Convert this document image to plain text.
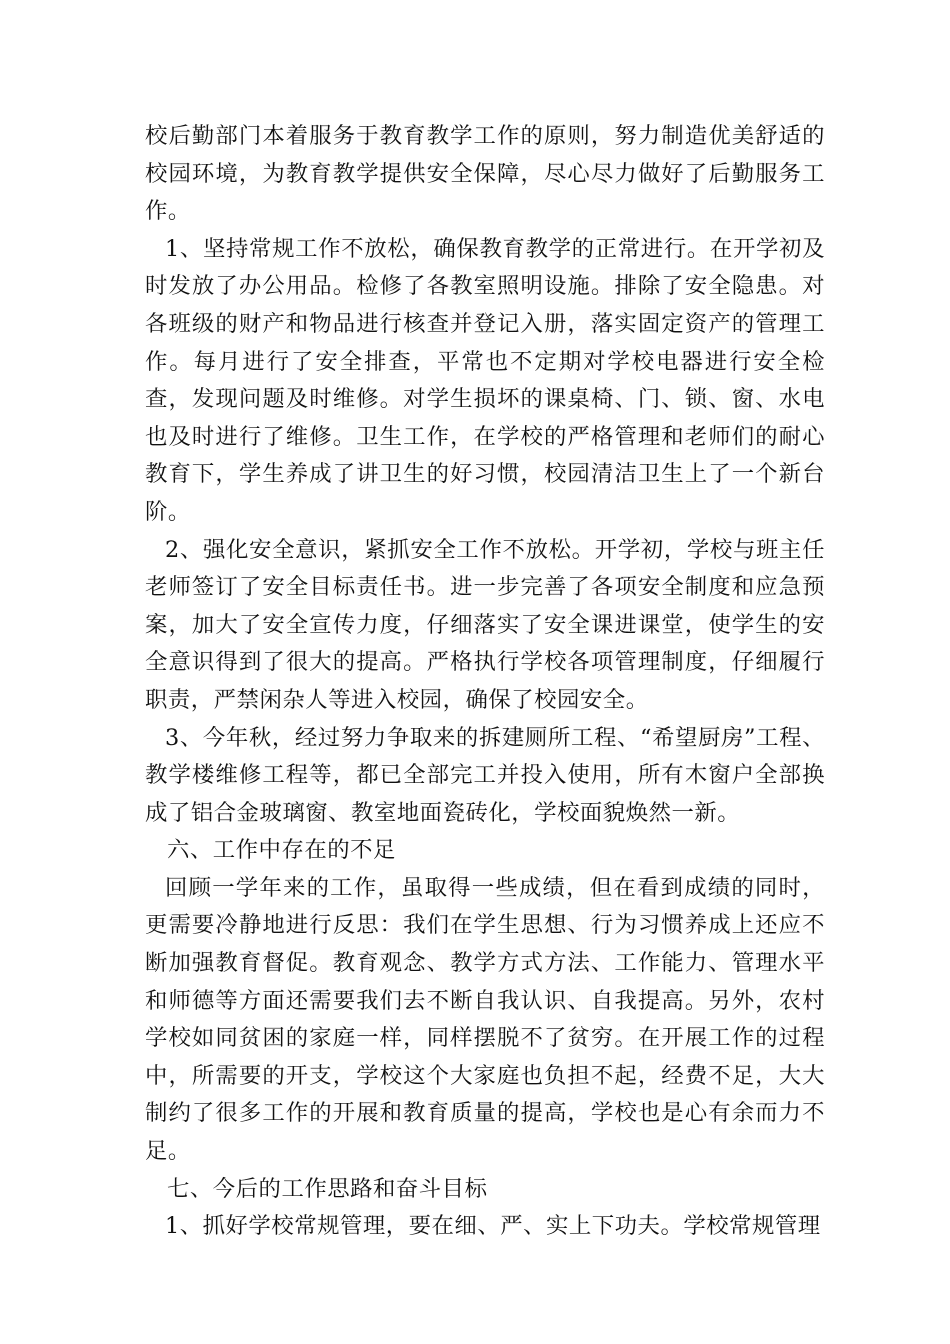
校后勤部门本着服务于教育教学工作的原则，努力制造优美舒适的校园环境，为教育教学提供安全保障，尽心尽力做好了后勤服务工作。

1、坚持常规工作不放松，确保教育教学的正常进行。在开学初及时发放了办公用品。检修了各教室照明设施。排除了安全隐患。对各班级的财产和物品进行核查并登记入册，落实固定资产的管理工作。每月进行了安全排查，平常也不定期对学校电器进行安全检查，发现问题及时维修。对学生损坏的课桌椅、门、锁、窗、水电也及时进行了维修。卫生工作，在学校的严格管理和老师们的耐心教育下，学生养成了讲卫生的好习惯，校园清洁卫生上了一个新台阶。

2、强化安全意识，紧抓安全工作不放松。开学初，学校与班主任老师签订了安全目标责任书。进一步完善了各项安全制度和应急预案，加大了安全宣传力度，仔细落实了安全课进课堂，使学生的安全意识得到了很大的提高。严格执行学校各项管理制度，仔细履行职责，严禁闲杂人等进入校园，确保了校园安全。

3、今年秋，经过努力争取来的拆建厕所工程、“希望厨房”工程、教学楼维修工程等，都已全部完工并投入使用，所有木窗户全部换成了铝合金玻璃窗、教室地面瓷砖化，学校面貌焕然一新。

六、工作中存在的不足

回顾一学年来的工作，虽取得一些成绩，但在看到成绩的同时，更需要冷静地进行反思：我们在学生思想、行为习惯养成上还应不断加强教育督促。教育观念、教学方式方法、工作能力、管理水平和师德等方面还需要我们去不断自我认识、自我提高。另外，农村学校如同贫困的家庭一样，同样摆脱不了贫穷。在开展工作的过程中，所需要的开支，学校这个大家庭也负担不起，经费不足，大大制约了很多工作的开展和教育质量的提高，学校也是心有余而力不足。

七、今后的工作思路和奋斗目标

1、抓好学校常规管理，要在细、严、实上下功夫。学校常规管理
